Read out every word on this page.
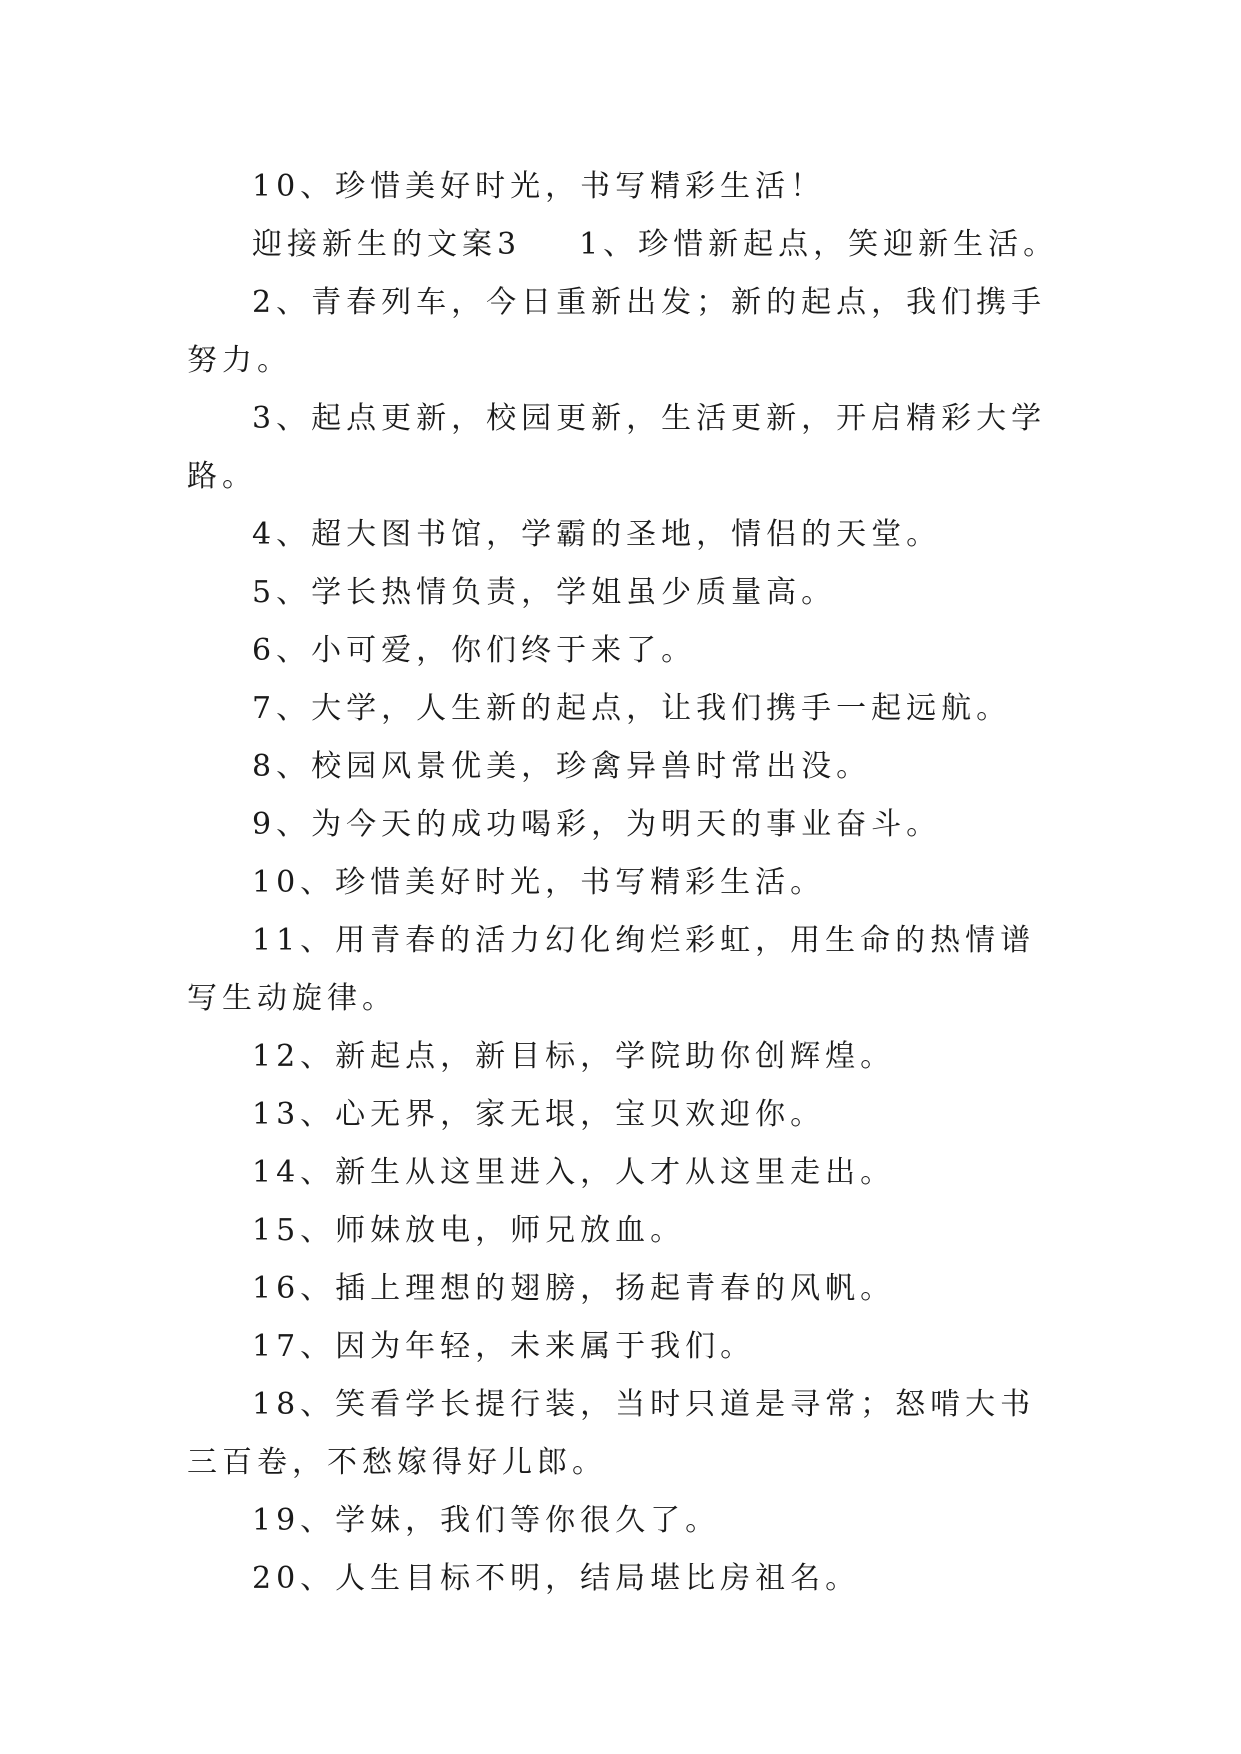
10、珍惜美好时光，书写精彩生活！

迎接新生的文案3 1、珍惜新起点，笑迎新生活。

2、青春列车，今日重新出发；新的起点，我们携手努力。

3、起点更新，校园更新，生活更新，开启精彩大学路。

4、超大图书馆，学霸的圣地，情侣的天堂。

5、学长热情负责，学姐虽少质量高。

6、小可爱，你们终于来了。

7、大学，人生新的起点，让我们携手一起远航。

8、校园风景优美，珍禽异兽时常出没。

9、为今天的成功喝彩，为明天的事业奋斗。

10、珍惜美好时光，书写精彩生活。

11、用青春的活力幻化绚烂彩虹，用生命的热情谱写生动旋律。

12、新起点，新目标，学院助你创辉煌。

13、心无界，家无垠，宝贝欢迎你。

14、新生从这里进入，人才从这里走出。

15、师妹放电，师兄放血。

16、插上理想的翅膀，扬起青春的风帆。

17、因为年轻，未来属于我们。

18、笑看学长提行装，当时只道是寻常；怒啃大书三百卷，不愁嫁得好儿郎。

19、学妹，我们等你很久了。

20、人生目标不明，结局堪比房祖名。
